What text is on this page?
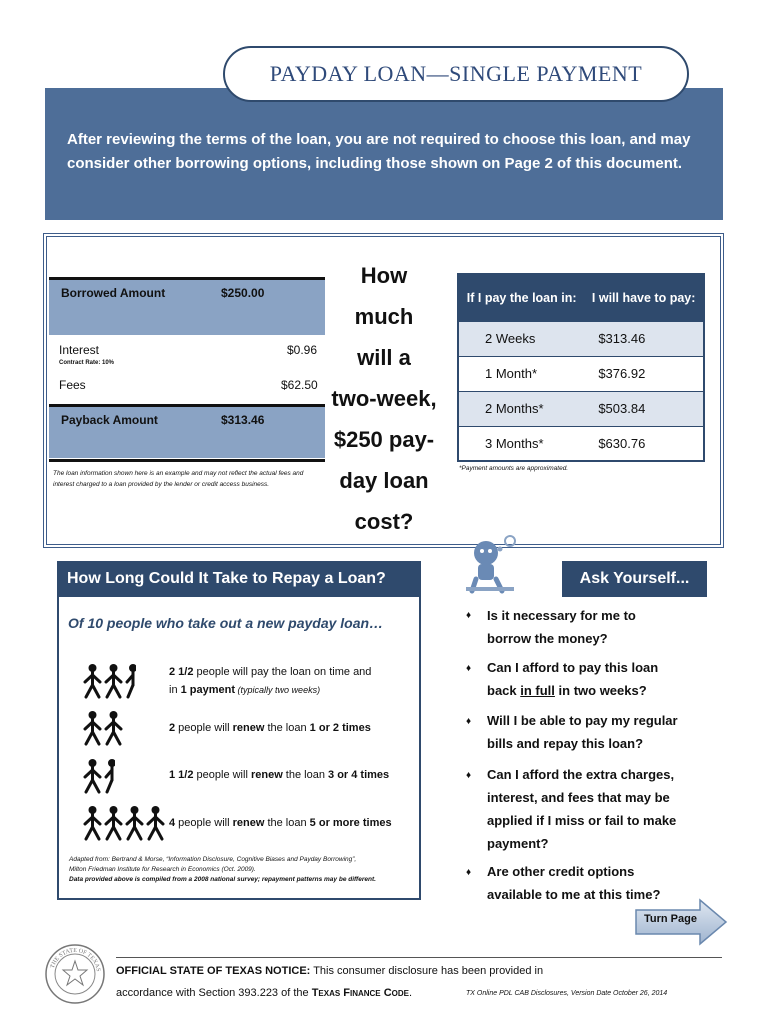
After reviewing the terms of the loan, you are not required to choose this loan, and may consider other borrowing options, including those shown on Page 2 of this document.

PAYDAY LOAN—SINGLE PAYMENT
Borrowed Amount	$250.00
Interest	$0.96
Contract Rate: 10%
Fees	$62.50
Payback Amount	$313.46
The loan information shown here is an example and may not reflect the actual fees and interest charged to a loan provided by the lender or credit access business.
How
much
will a
two-week,
$250 pay-
day loan
cost?
If I pay the loan in:	I will have to pay:
2 Weeks	$313.46
1 Month*	$376.92
2 Months*	$503.84
3 Months*	$630.76
*Payment amounts are approximated.
How Long Could It Take to Repay a Loan?
Of 10 people who take out a new payday loan…
2 1/2 people will pay the loan on time and
in 1 payment (typically two weeks)
2 people will renew the loan 1 or 2 times
1 1/2 people will renew the loan 3 or 4 times
4 people will renew the loan 5 or more times
Adapted from: Bertrand & Morse, “Information Disclosure, Cognitive Biases and Payday Borrowing”,
Milton Friedman Institute for Research in Economics (Oct. 2009).
Data provided above is compiled from a 2008 national survey; repayment patterns may be different.
Ask Yourself...
♦ Is it necessary for me to
borrow the money?
♦ Can I afford to pay this loan
back in full in two weeks?
♦ Will I be able to pay my regular
bills and repay this loan?
♦ Can I afford the extra charges,
interest, and fees that may be
applied if I miss or fail to make
payment?
♦ Are other credit options
available to me at this time?
Turn Page
THE STATE OF TEXAS OFFICIAL STATE OF TEXAS NOTICE: This consumer disclosure has been provided in
accordance with Section 393.223 of the Texas Finance Code.	TX Online PDL CAB Disclosures, Version Date October 26, 2014
